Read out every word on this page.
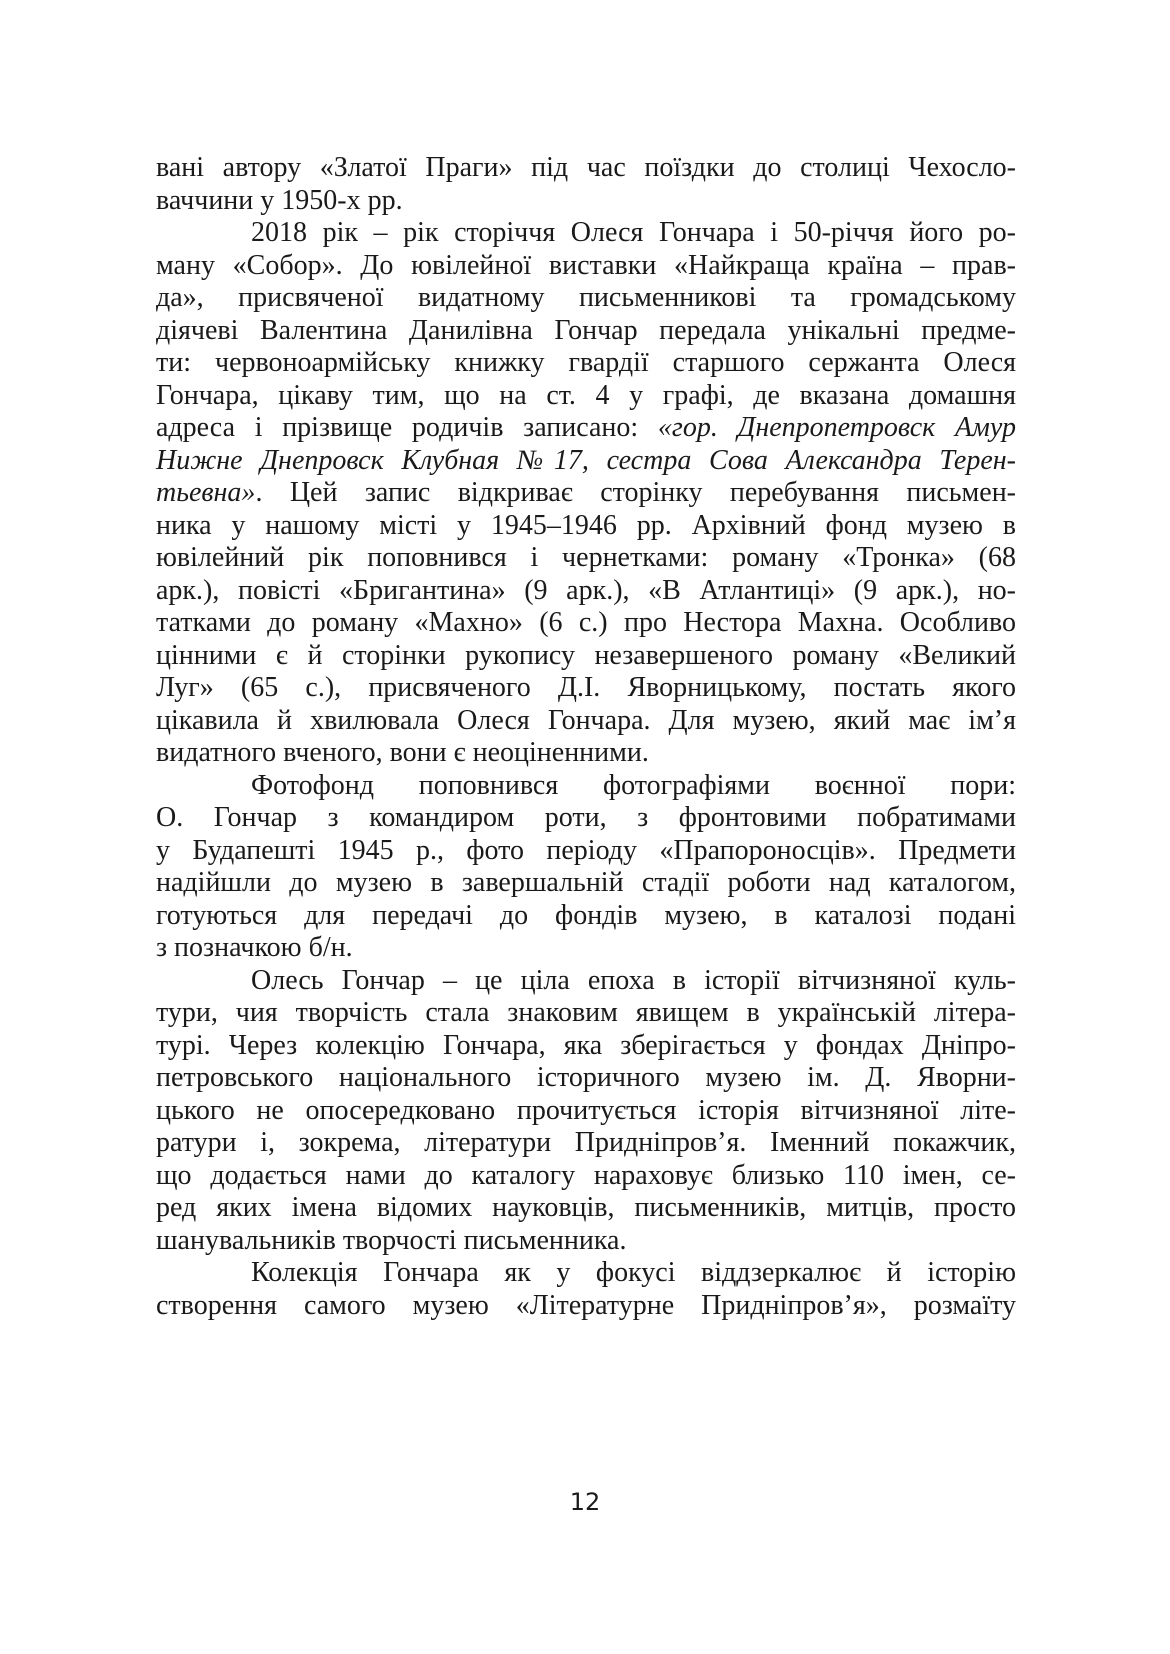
вані автору «Златої Праги» під час поїздки до столиці Чехосло-
ваччини у 1950-х рр.
2018 рік – рік сторіччя Олеся Гончара і 50-річчя його ро-
ману «Собор». До ювілейної виставки «Найкраща країна – прав-
да», присвяченої видатному письменникові та громадському
діячеві Валентина Данилівна Гончар передала унікальні предме-
ти: червоноармійську книжку гвардії старшого сержанта Олеся
Гончара, цікаву тим, що на ст. 4 у графі, де вказана домашня
адреса і прізвище родичів записано: «гор. Днепропетровск Амур
Нижне Днепровск Клубная №17, сестра Сова Александра Терен-
тьевна». Цей запис відкриває сторінку перебування письмен-
ника у нашому місті у 1945–1946 рр. Архівний фонд музею в
ювілейний рік поповнився і чернетками: роману «Тронка» (68
арк.), повісті «Бригантина» (9 арк.), «В Атлантиці» (9 арк.), но-
татками до роману «Махно» (6 с.) про Нестора Махна. Особливо
цінними є й сторінки рукопису незавершеного роману «Великий
Луг» (65 с.), присвяченого Д.І. Яворницькому, постать якого
цікавила й хвилювала Олеся Гончара. Для музею, який має ім’я
видатного вченого, вони є неоціненними.
Фотофонд поповнився фотографіями воєнної пори:
О. Гончар з командиром роти, з фронтовими побратимами
у Будапешті 1945 р., фото періоду «Прапороносців». Предмети
надійшли до музею в завершальній стадії роботи над каталогом,
готуються для передачі до фондів музею, в каталозі подані
з позначкою б/н.
Олесь Гончар – це ціла епоха в історії вітчизняної куль-
тури, чия творчість стала знаковим явищем в українській літера-
турі. Через колекцію Гончара, яка зберігається у фондах Дніпро-
петровського національного історичного музею ім. Д. Яворни-
цького не опосередковано прочитується історія вітчизняної літе-
ратури і, зокрема, літератури Придніпров’я. Іменний покажчик,
що додається нами до каталогу нараховує близько 110 імен, се-
ред яких імена відомих науковців, письменників, митців, просто
шанувальників творчості письменника.
Колекція Гончара як у фокусі віддзеркалює й історію
створення самого музею «Літературне Придніпров’я», розмаїту
12
